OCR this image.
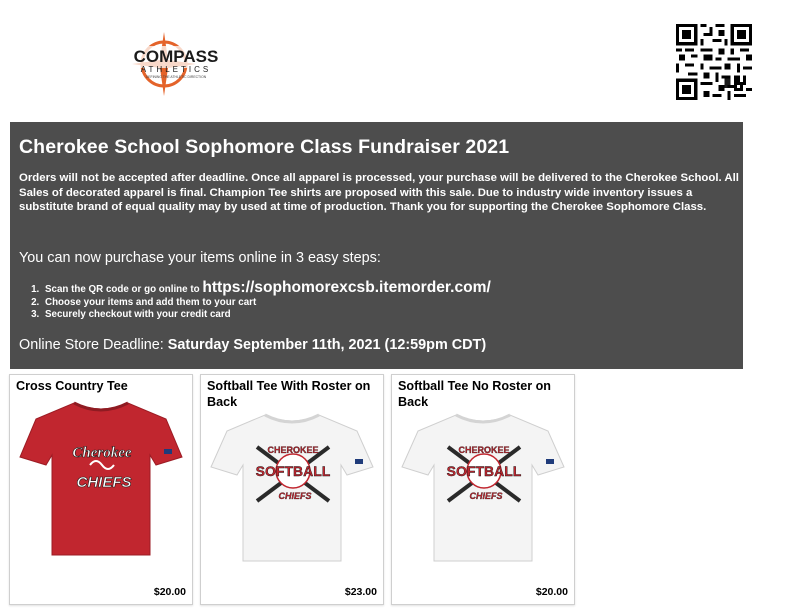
COMPASS
ATHLETICS
DEFINING THE ATHLETIC DIRECTION
Cherokee School Sophomore Class Fundraiser 2021

Orders will not be accepted after deadline. Once all apparel is processed, your purchase will be delivered to the Cherokee School. All Sales of decorated apparel is final. Champion Tee shirts are proposed with this sale. Due to industry wide inventory issues a substitute brand of equal quality may by used at time of production. Thank you for supporting the Cherokee Sophomore Class.

You can now purchase your items online in 3 easy steps:

1. Scan the QR code or go online to https://sophomorexcsb.itemorder.com/
2. Choose your items and add them to your cart
3. Securely checkout with your credit card

Online Store Deadline: Saturday September 11th, 2021 (12:59pm CDT)

Cross Country Tee

Cherokee
CHIEFS
$20.00

Softball Tee With Roster on Back

CHEROKEE
SOFTBALL
CHIEFS
$23.00

Softball Tee No Roster on Back

CHEROKEE
SOFTBALL
CHIEFS
$20.00
